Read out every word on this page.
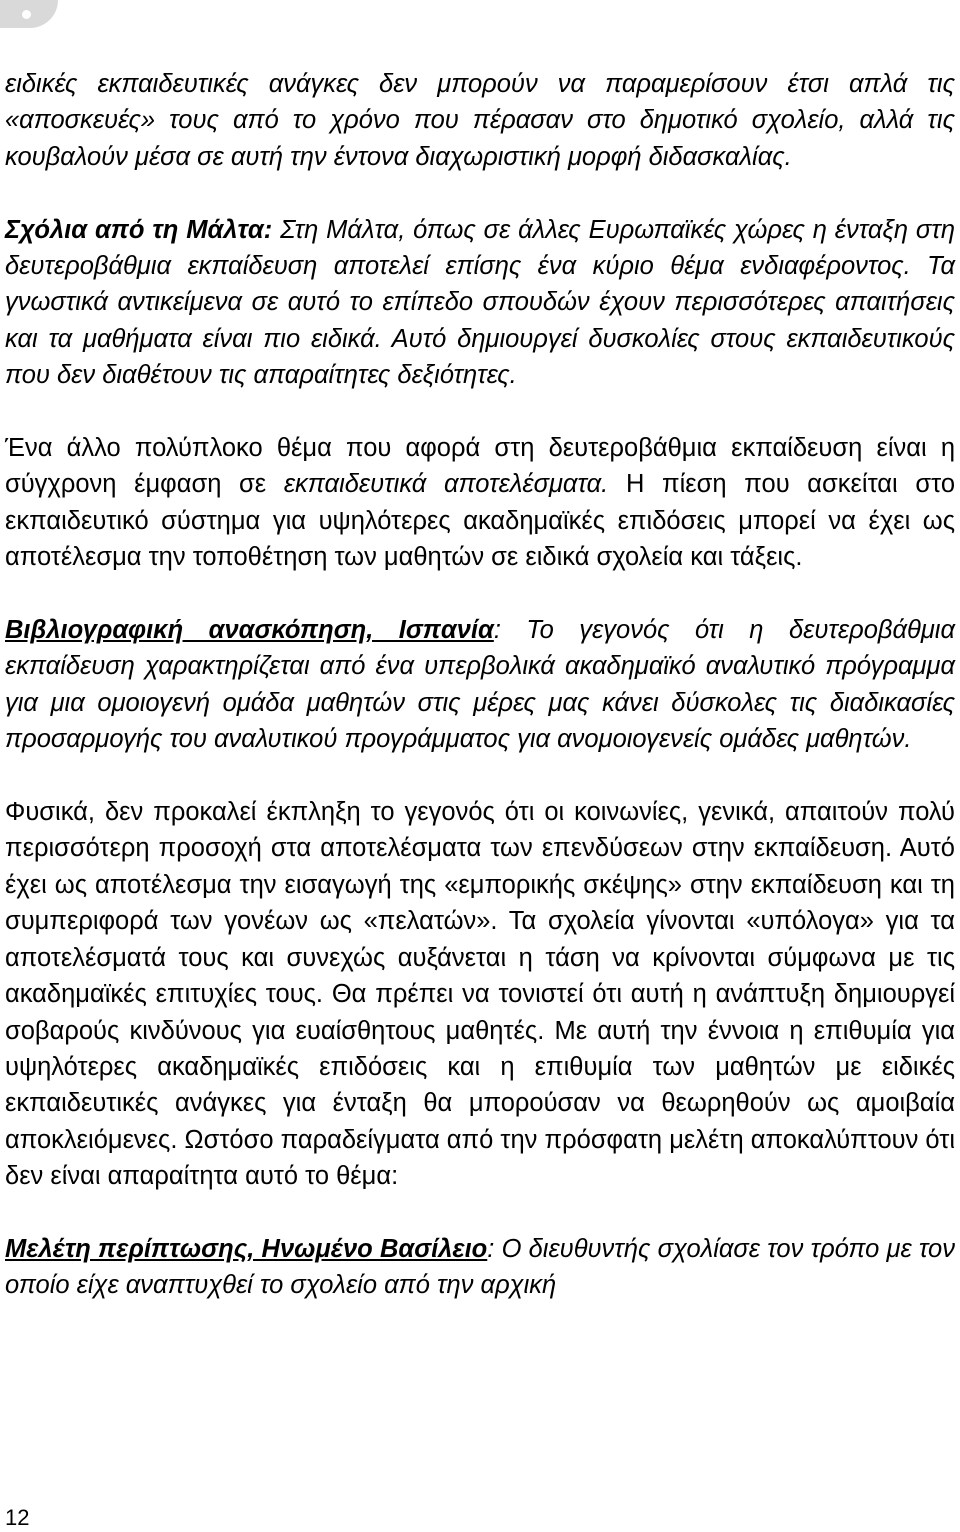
ειδικές εκπαιδευτικές ανάγκες δεν μπορούν να παραμερίσουν έτσι απλά τις «αποσκευές» τους από το χρόνο που πέρασαν στο δημοτικό σχολείο, αλλά τις κουβαλούν μέσα σε αυτή την έντονα διαχωριστική μορφή διδασκαλίας.

Σχόλια από τη Μάλτα: Στη Μάλτα, όπως σε άλλες Ευρωπαϊκές χώρες η ένταξη στη δευτεροβάθμια εκπαίδευση αποτελεί επίσης ένα κύριο θέμα ενδιαφέροντος. Τα γνωστικά αντικείμενα σε αυτό το επίπεδο σπουδών έχουν περισσότερες απαιτήσεις και τα μαθήματα είναι πιο ειδικά. Αυτό δημιουργεί δυσκολίες στους εκπαιδευτικούς που δεν διαθέτουν τις απαραίτητες δεξιότητες.

Ένα άλλο πολύπλοκο θέμα που αφορά στη δευτεροβάθμια εκπαίδευση είναι η σύγχρονη έμφαση σε εκπαιδευτικά αποτελέσματα. Η πίεση που ασκείται στο εκπαιδευτικό σύστημα για υψηλότερες ακαδημαϊκές επιδόσεις μπορεί να έχει ως αποτέλεσμα την τοποθέτηση των μαθητών σε ειδικά σχολεία και τάξεις.

Βιβλιογραφική ανασκόπηση, Ισπανία: Το γεγονός ότι η δευτεροβάθμια εκπαίδευση χαρακτηρίζεται από ένα υπερβολικά ακαδημαϊκό αναλυτικό πρόγραμμα για μια ομοιογενή ομάδα μαθητών στις μέρες μας κάνει δύσκολες τις διαδικασίες προσαρμογής του αναλυτικού προγράμματος για ανομοιογενείς ομάδες μαθητών.

Φυσικά, δεν προκαλεί έκπληξη το γεγονός ότι οι κοινωνίες, γενικά, απαιτούν πολύ περισσότερη προσοχή στα αποτελέσματα των επενδύσεων στην εκπαίδευση. Αυτό έχει ως αποτέλεσμα την εισαγωγή της «εμπορικής σκέψης» στην εκπαίδευση και τη συμπεριφορά των γονέων ως «πελατών». Τα σχολεία γίνονται «υπόλογα» για τα αποτελέσματά τους και συνεχώς αυξάνεται η τάση να κρίνονται σύμφωνα με τις ακαδημαϊκές επιτυχίες τους. Θα πρέπει να τονιστεί ότι αυτή η ανάπτυξη δημιουργεί σοβαρούς κινδύνους για ευαίσθητους μαθητές. Με αυτή την έννοια η επιθυμία για υψηλότερες ακαδημαϊκές επιδόσεις και η επιθυμία των μαθητών με ειδικές εκπαιδευτικές ανάγκες για ένταξη θα μπορούσαν να θεωρηθούν ως αμοιβαία αποκλειόμενες. Ωστόσο παραδείγματα από την πρόσφατη μελέτη αποκαλύπτουν ότι δεν είναι απαραίτητα αυτό το θέμα:

Μελέτη περίπτωσης, Ηνωμένο Βασίλειο: Ο διευθυντής σχολίασε τον τρόπο με τον οποίο είχε αναπτυχθεί το σχολείο από την αρχική

12
